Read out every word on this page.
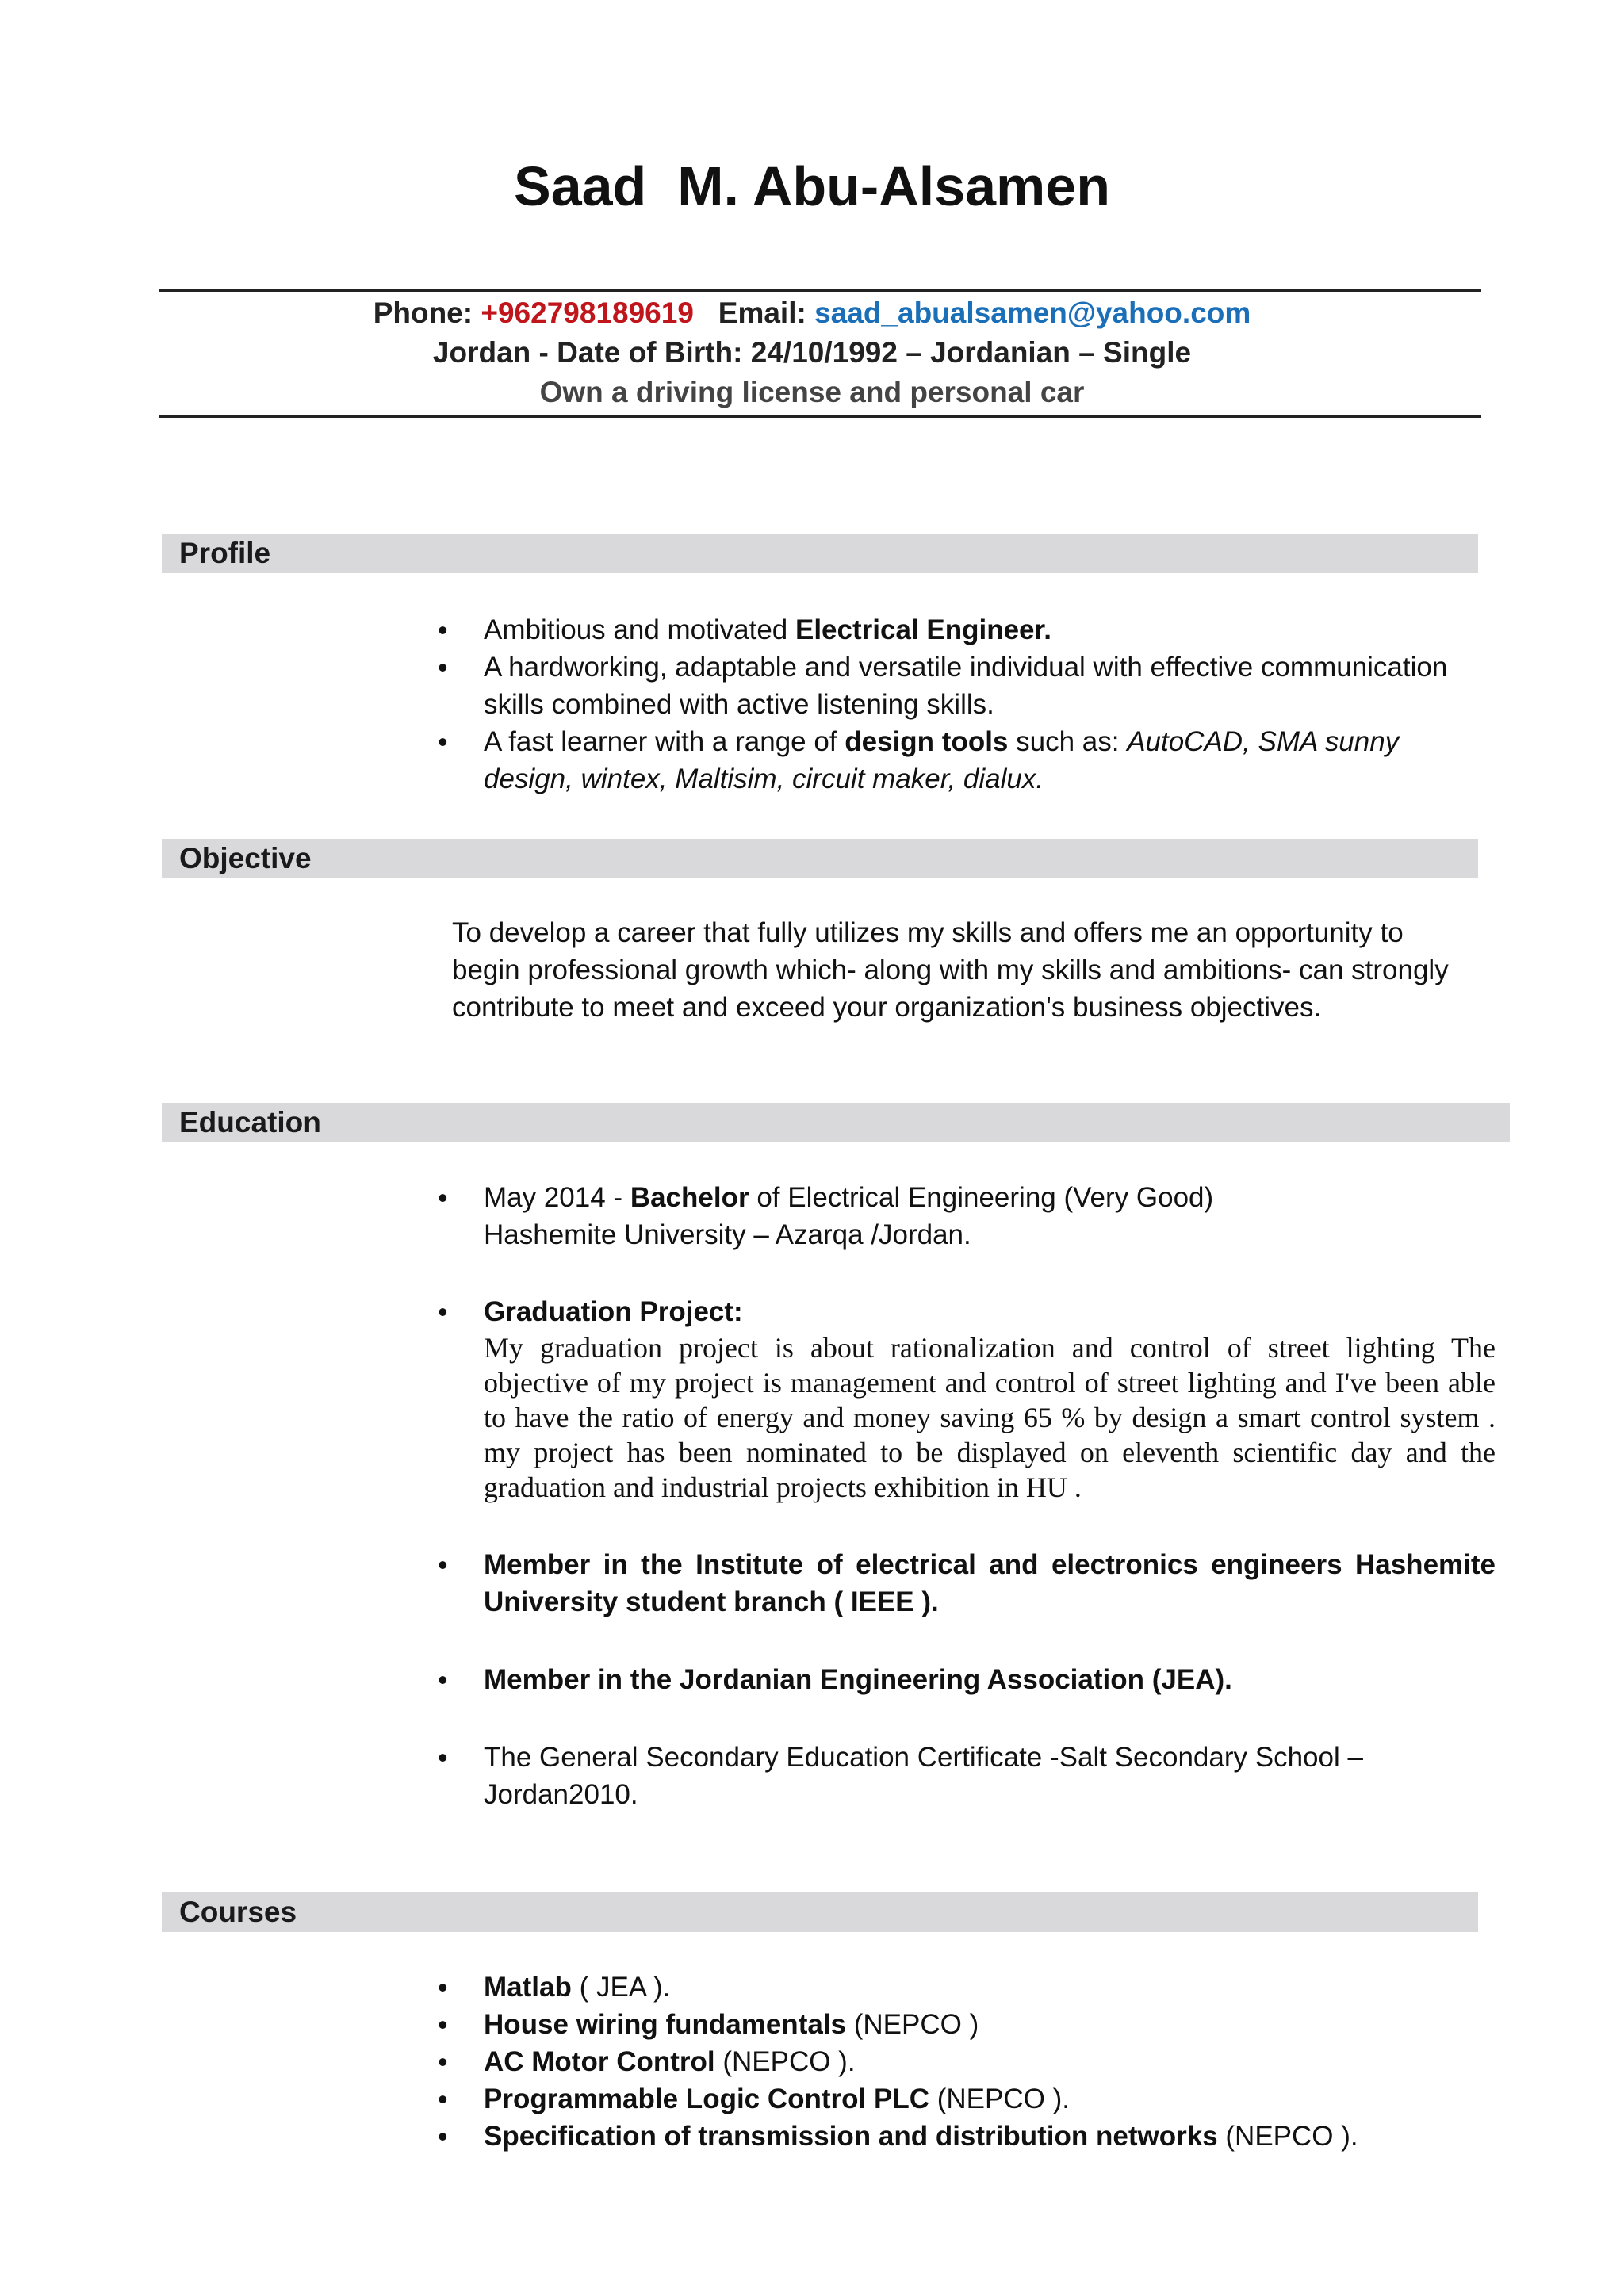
Saad  M. Abu-Alsamen
Phone: +962798189619 Email: saad_abualsamen@yahoo.com
Jordan - Date of Birth: 24/10/1992 – Jordanian – Single
Own a driving license and personal car
Profile
• Ambitious and motivated Electrical Engineer.
• A hardworking, adaptable and versatile individual with effective communication skills combined with active listening skills.
• A fast learner with a range of design tools such as: AutoCAD, SMA sunny design, wintex, Maltisim, circuit maker, dialux.
Objective
To develop a career that fully utilizes my skills and offers me an opportunity to begin professional growth which- along with my skills and ambitions- can strongly contribute to meet and exceed your organization's business objectives.
Education
• May 2014 - Bachelor of Electrical Engineering (Very Good)
Hashemite University – Azarqa /Jordan.
• Graduation Project:
My graduation project is about rationalization and control of street lighting The objective of my project is management and control of street lighting and I've been able to have the ratio of energy and money saving 65 % by design a smart control system . my project has been nominated to be displayed on eleventh scientific day and the graduation and industrial projects exhibition in HU .
• Member in the Institute of electrical and electronics engineers Hashemite University student branch ( IEEE ).
• Member in the Jordanian Engineering Association (JEA).
• The General Secondary Education Certificate -Salt Secondary School – Jordan2010.
Courses
• Matlab ( JEA ).
• House wiring fundamentals (NEPCO )
• AC Motor Control (NEPCO ).
• Programmable Logic Control PLC (NEPCO ).
• Specification of transmission and distribution networks (NEPCO ).
